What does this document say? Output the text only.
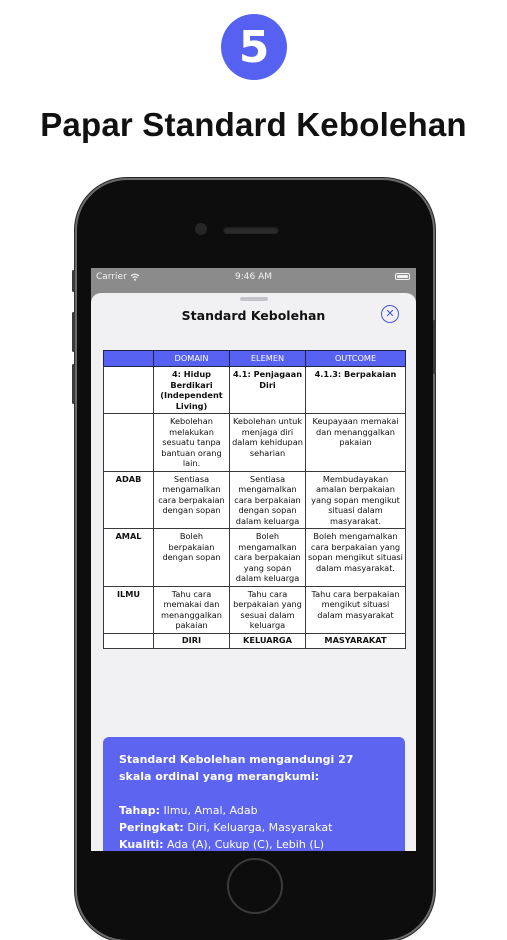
5
Papar Standard Kebolehan
Carrier	9:46 AM
Standard Kebolehan	✕
	DOMAIN	ELEMEN	OUTCOME
	4: Hidup Berdikari (Independent Living)	4.1: Penjagaan Diri	4.1.3: Berpakaian
	Kebolehan melakukan sesuatu tanpa bantuan orang lain.	Kebolehan untuk menjaga diri dalam kehidupan seharian	Keupayaan memakai dan menanggalkan pakaian
ADAB	Sentiasa mengamalkan cara berpakaian dengan sopan	Sentiasa mengamalkan cara berpakaian dengan sopan dalam keluarga	Membudayakan amalan berpakaian yang sopan mengikut situasi dalam masyarakat.
AMAL	Boleh berpakaian dengan sopan	Boleh mengamalkan cara berpakaian yang sopan dalam keluarga	Boleh mengamalkan cara berpakaian yang sopan mengikut situasi dalam masyarakat.
ILMU	Tahu cara memakai dan menanggalkan pakaian	Tahu cara berpakaian yang sesuai dalam keluarga	Tahu cara berpakaian mengikut situasi dalam masyarakat
	DIRI	KELUARGA	MASYARAKAT
Standard Kebolehan mengandungi 27 skala ordinal yang merangkumi:
Tahap: Ilmu, Amal, Adab
Peringkat: Diri, Keluarga, Masyarakat
Kualiti: Ada (A), Cukup (C), Lebih (L)
